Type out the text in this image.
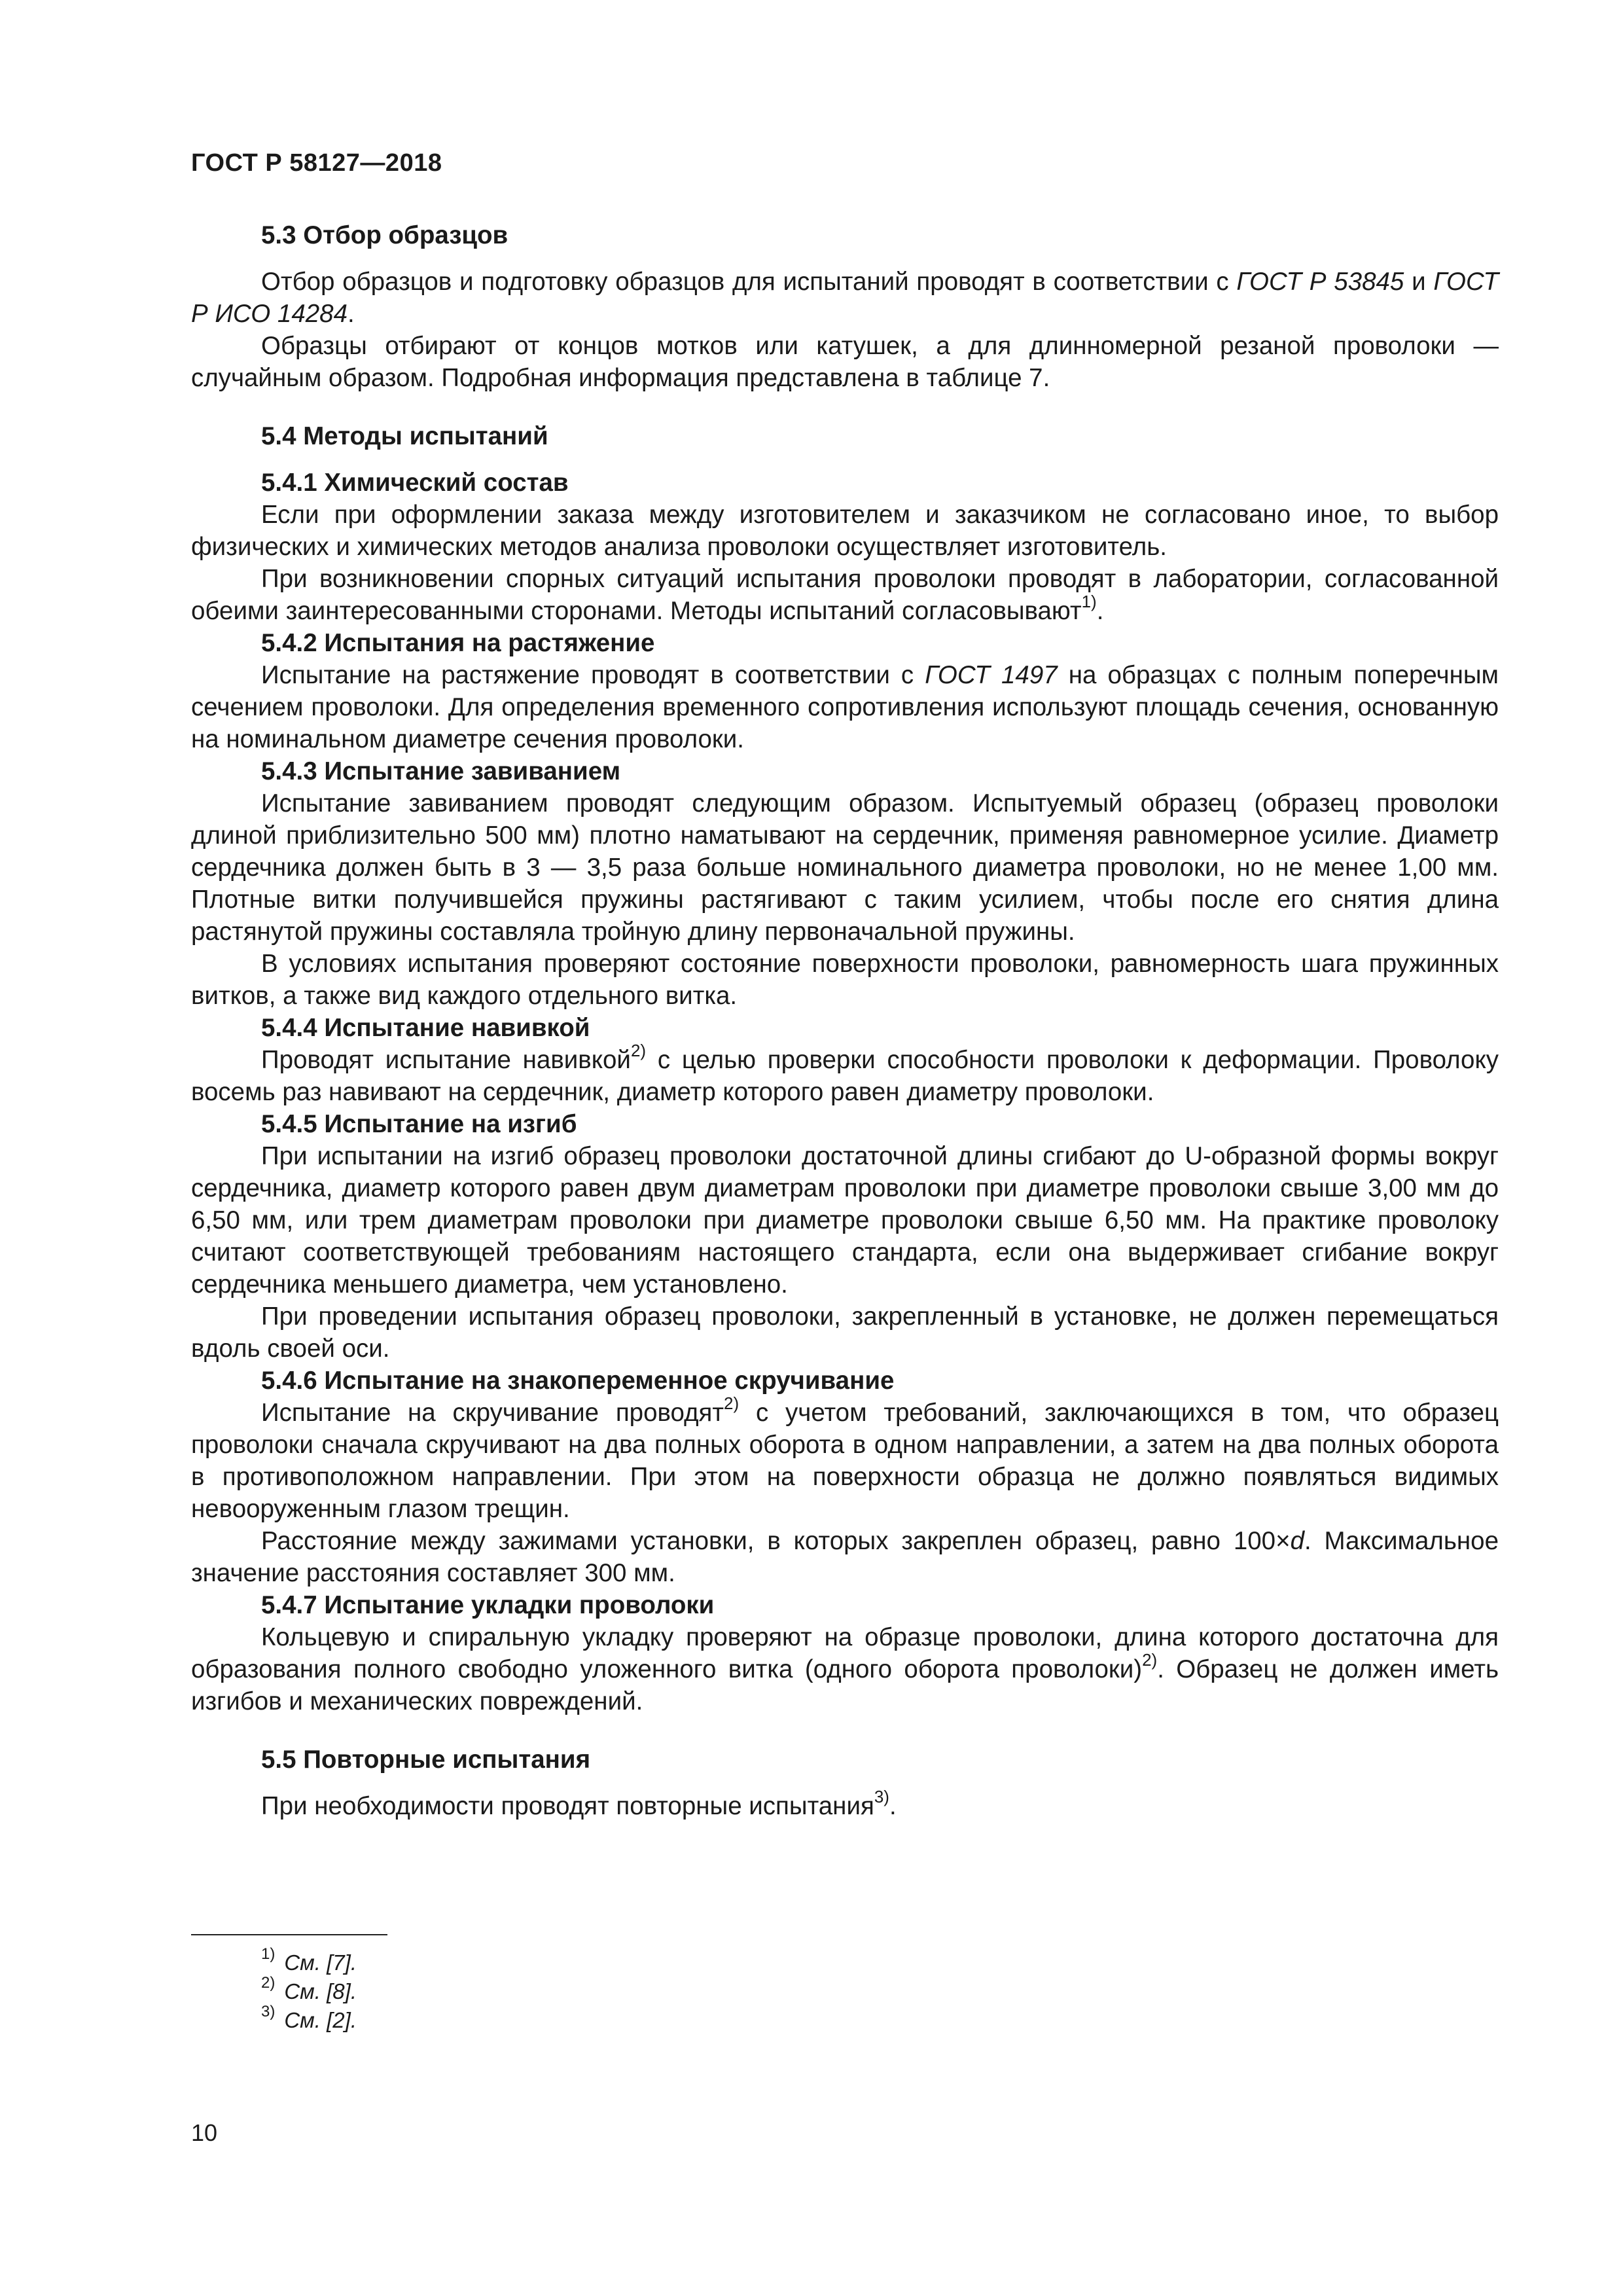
ГОСТ Р 58127—2018
5.3 Отбор образцов

Отбор образцов и подготовку образцов для испытаний проводят в соответствии с ГОСТ Р 53845 и ГОСТ Р ИСО 14284.

Образцы отбирают от концов мотков или катушек, а для длинномерной резаной проволоки — случайным образом. Подробная информация представлена в таблице 7.

5.4 Методы испытаний
5.4.1 Химический состав

Если при оформлении заказа между изготовителем и заказчиком не согласовано иное, то выбор физических и химических методов анализа проволоки осуществляет изготовитель.

При возникновении спорных ситуаций испытания проволоки проводят в лаборатории, согласованной обеими заинтересованными сторонами. Методы испытаний согласовывают$^{1)}$.

5.4.2 Испытания на растяжение

Испытание на растяжение проводят в соответствии с ГОСТ 1497 на образцах с полным поперечным сечением проволоки. Для определения временного сопротивления используют площадь сечения, основанную на номинальном диаметре сечения проволоки.

5.4.3 Испытание завиванием

Испытание завиванием проводят следующим образом. Испытуемый образец (образец проволоки длиной приблизительно 500 мм) плотно наматывают на сердечник, применяя равномерное усилие. Диаметр сердечника должен быть в 3 — 3,5 раза больше номинального диаметра проволоки, но не менее 1,00 мм. Плотные витки получившейся пружины растягивают с таким усилием, чтобы после его снятия длина растянутой пружины составляла тройную длину первоначальной пружины.

В условиях испытания проверяют состояние поверхности проволоки, равномерность шага пружинных витков, а также вид каждого отдельного витка.

5.4.4 Испытание навивкой

Проводят испытание навивкой$^{2)}$ с целью проверки способности проволоки к деформации. Проволоку восемь раз навивают на сердечник, диаметр которого равен диаметру проволоки.

5.4.5 Испытание на изгиб

При испытании на изгиб образец проволоки достаточной длины сгибают до U-образной формы вокруг сердечника, диаметр которого равен двум диаметрам проволоки при диаметре проволоки свыше 3,00 мм до 6,50 мм, или трем диаметрам проволоки при диаметре проволоки свыше 6,50 мм. На практике проволоку считают соответствующей требованиям настоящего стандарта, если она выдерживает сгибание вокруг сердечника меньшего диаметра, чем установлено.

При проведении испытания образец проволоки, закрепленный в установке, не должен перемещаться вдоль своей оси.

5.4.6 Испытание на знакопеременное скручивание

Испытание на скручивание проводят$^{2)}$ с учетом требований, заключающихся в том, что образец проволоки сначала скручивают на два полных оборота в одном направлении, а затем на два полных оборота в противоположном направлении. При этом на поверхности образца не должно появляться видимых невооруженным глазом трещин.

Расстояние между зажимами установки, в которых закреплен образец, равно 100×d. Максимальное значение расстояния составляет 300 мм.

5.4.7 Испытание укладки проволоки

Кольцевую и спиральную укладку проверяют на образце проволоки, длина которого достаточна для образования полного свободно уложенного витка (одного оборота проволоки)$^{2)}$. Образец не должен иметь изгибов и механических повреждений.

5.5 Повторные испытания

При необходимости проводят повторные испытания$^{3)}$.

$^{1)}$ См. [7].
$^{2)}$ См. [8].
$^{3)}$ См. [2].
10
